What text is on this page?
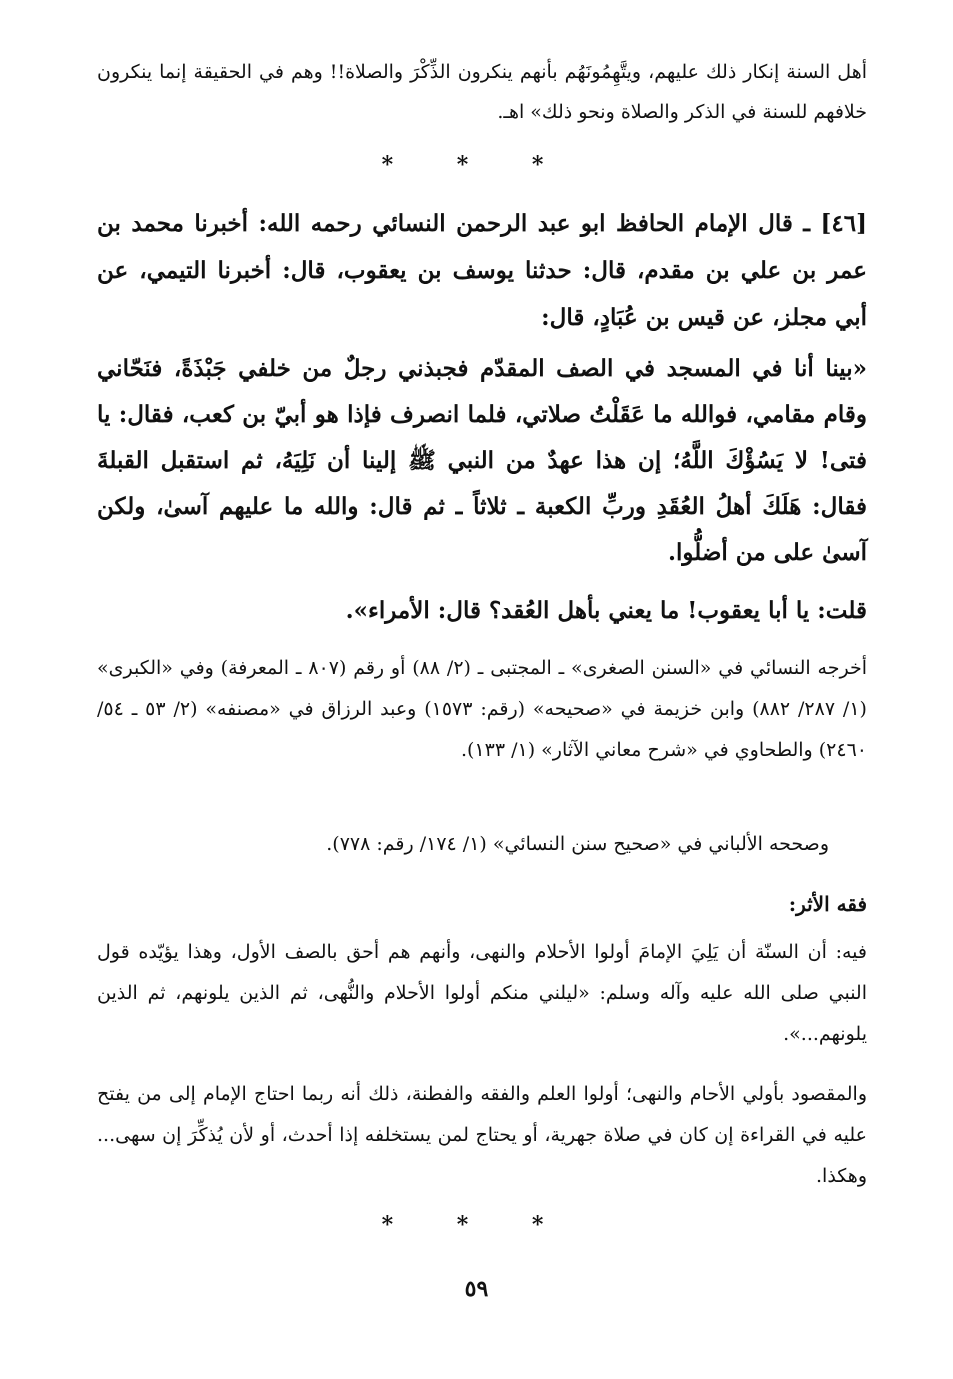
أهل السنة إنكار ذلك عليهم، ويتَّهِمُونَهُم بأنهم ينكرون الذِّكْرَ والصلاة!! وهم في الحقيقة إنما ينكرون خلافهم للسنة في الذكر والصلاة ونحو ذلك» اهـ.

* * *

[٤٦] ـ قال الإمام الحافظ ابو عبد الرحمن النسائي رحمه الله: أخبرنا محمد بن عمر بن علي بن مقدم، قال: حدثنا يوسف بن يعقوب، قال: أخبرنا التيمي، عن أبي مجلز، عن قيس بن عُبَادٍ، قال:

«بينا أنا في المسجد في الصف المقدّم فجبذني رجلٌ من خلفي جَبْذَةً، فنَحّاني وقام مقامي، فوالله ما عَقَلْتُ صلاتي، فلما انصرف فإذا هو أبيّ بن كعب، فقال: يا فتى! لا يَسُؤْكَ اللَّهُ؛ إن هذا عهدٌ من النبي ﷺ إلينا أن نَلِيَهُ، ثم استقبل القبلةَ فقال: هَلَكَ أهلُ العُقَدِ وربِّ الكعبة ـ ثلاثاً ـ ثم قال: والله ما عليهم آسىٰ، ولكن آسىٰ على من أضلُّوا.

قلت: يا أبا يعقوب! ما يعني بأهل العُقد؟ قال: الأمراء».

أخرجه النسائي في «السنن الصغرى» ـ المجتبى ـ (٢/ ٨٨) أو رقم (٨٠٧ ـ المعرفة) وفي «الكبرى» (١/ ٢٨٧/ ٨٨٢) وابن خزيمة في «صحيحه» (رقم: ١٥٧٣) وعبد الرزاق في «مصنفه» (٢/ ٥٣ ـ ٥٤/ ٢٤٦٠) والطحاوي في «شرح معاني الآثار» (١/ ١٣٣).

وصححه الألباني في «صحيح سنن النسائي» (١/ ١٧٤/ رقم: ٧٧٨).

فقه الأثر:

فيه: أن السنّة أن يَلِيَ الإمامَ أولوا الأحلام والنهى، وأنهم هم أحق بالصف الأول، وهذا يؤيّده قول النبي صلى الله عليه وآله وسلم: «ليلني منكم أولوا الأحلام والنُّهى، ثم الذين يلونهم، ثم الذين يلونهم...».

والمقصود بأولي الأحام والنهى؛ أولوا العلم والفقه والفطنة، ذلك أنه ربما احتاج الإمام إلى من يفتح عليه في القراءة إن كان في صلاة جهرية، أو يحتاج لمن يستخلفه إذا أحدث، أو لأن يُذكِّرَ إن سهى... وهكذا.

* * *
٥٩
